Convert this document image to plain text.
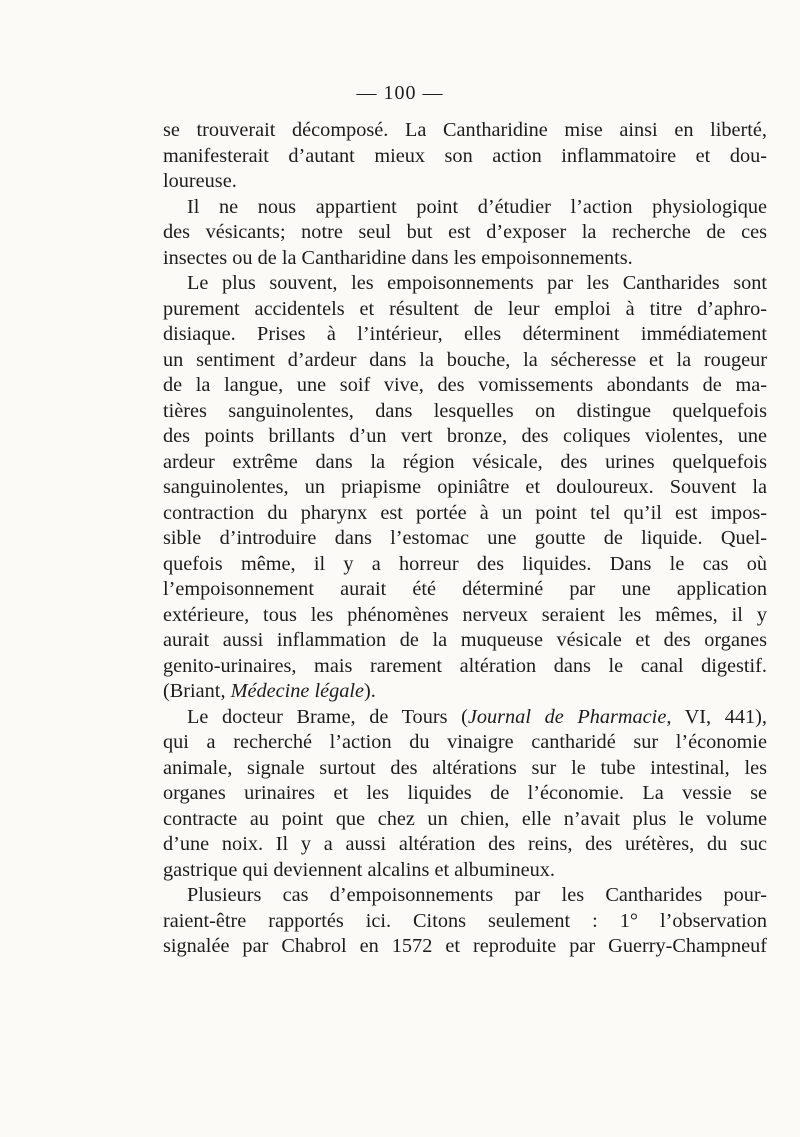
— 100 —
se trouverait décomposé. La Cantharidine mise ainsi en liberté,
manifesterait d’autant mieux son action inflammatoire et dou-
loureuse.
Il ne nous appartient point d’étudier l’action physiologique
des vésicants; notre seul but est d’exposer la recherche de ces
insectes ou de la Cantharidine dans les empoisonnements.
Le plus souvent, les empoisonnements par les Cantharides sont
purement accidentels et résultent de leur emploi à titre d’aphro-
disiaque. Prises à l’intérieur, elles déterminent immédiatement
un sentiment d’ardeur dans la bouche, la sécheresse et la rougeur
de la langue, une soif vive, des vomissements abondants de ma-
tières sanguinolentes, dans lesquelles on distingue quelquefois
des points brillants d’un vert bronze, des coliques violentes, une
ardeur extrême dans la région vésicale, des urines quelquefois
sanguinolentes, un priapisme opiniâtre et douloureux. Souvent la
contraction du pharynx est portée à un point tel qu’il est impos-
sible d’introduire dans l’estomac une goutte de liquide. Quel-
quefois même, il y a horreur des liquides. Dans le cas où
l’empoisonnement aurait été déterminé par une application
extérieure, tous les phénomènes nerveux seraient les mêmes, il y
aurait aussi inflammation de la muqueuse vésicale et des organes
genito-urinaires, mais rarement altération dans le canal digestif.
(Briant, Médecine légale).
Le docteur Brame, de Tours (Journal de Pharmacie, VI, 441),
qui a recherché l’action du vinaigre cantharidé sur l’économie
animale, signale surtout des altérations sur le tube intestinal, les
organes urinaires et les liquides de l’économie. La vessie se
contracte au point que chez un chien, elle n’avait plus le volume
d’une noix. Il y a aussi altération des reins, des urétères, du suc
gastrique qui deviennent alcalins et albumineux.
Plusieurs cas d’empoisonnements par les Cantharides pour-
raient-être rapportés ici. Citons seulement : 1° l’observation
signalée par Chabrol en 1572 et reproduite par Guerry-Champneuf
